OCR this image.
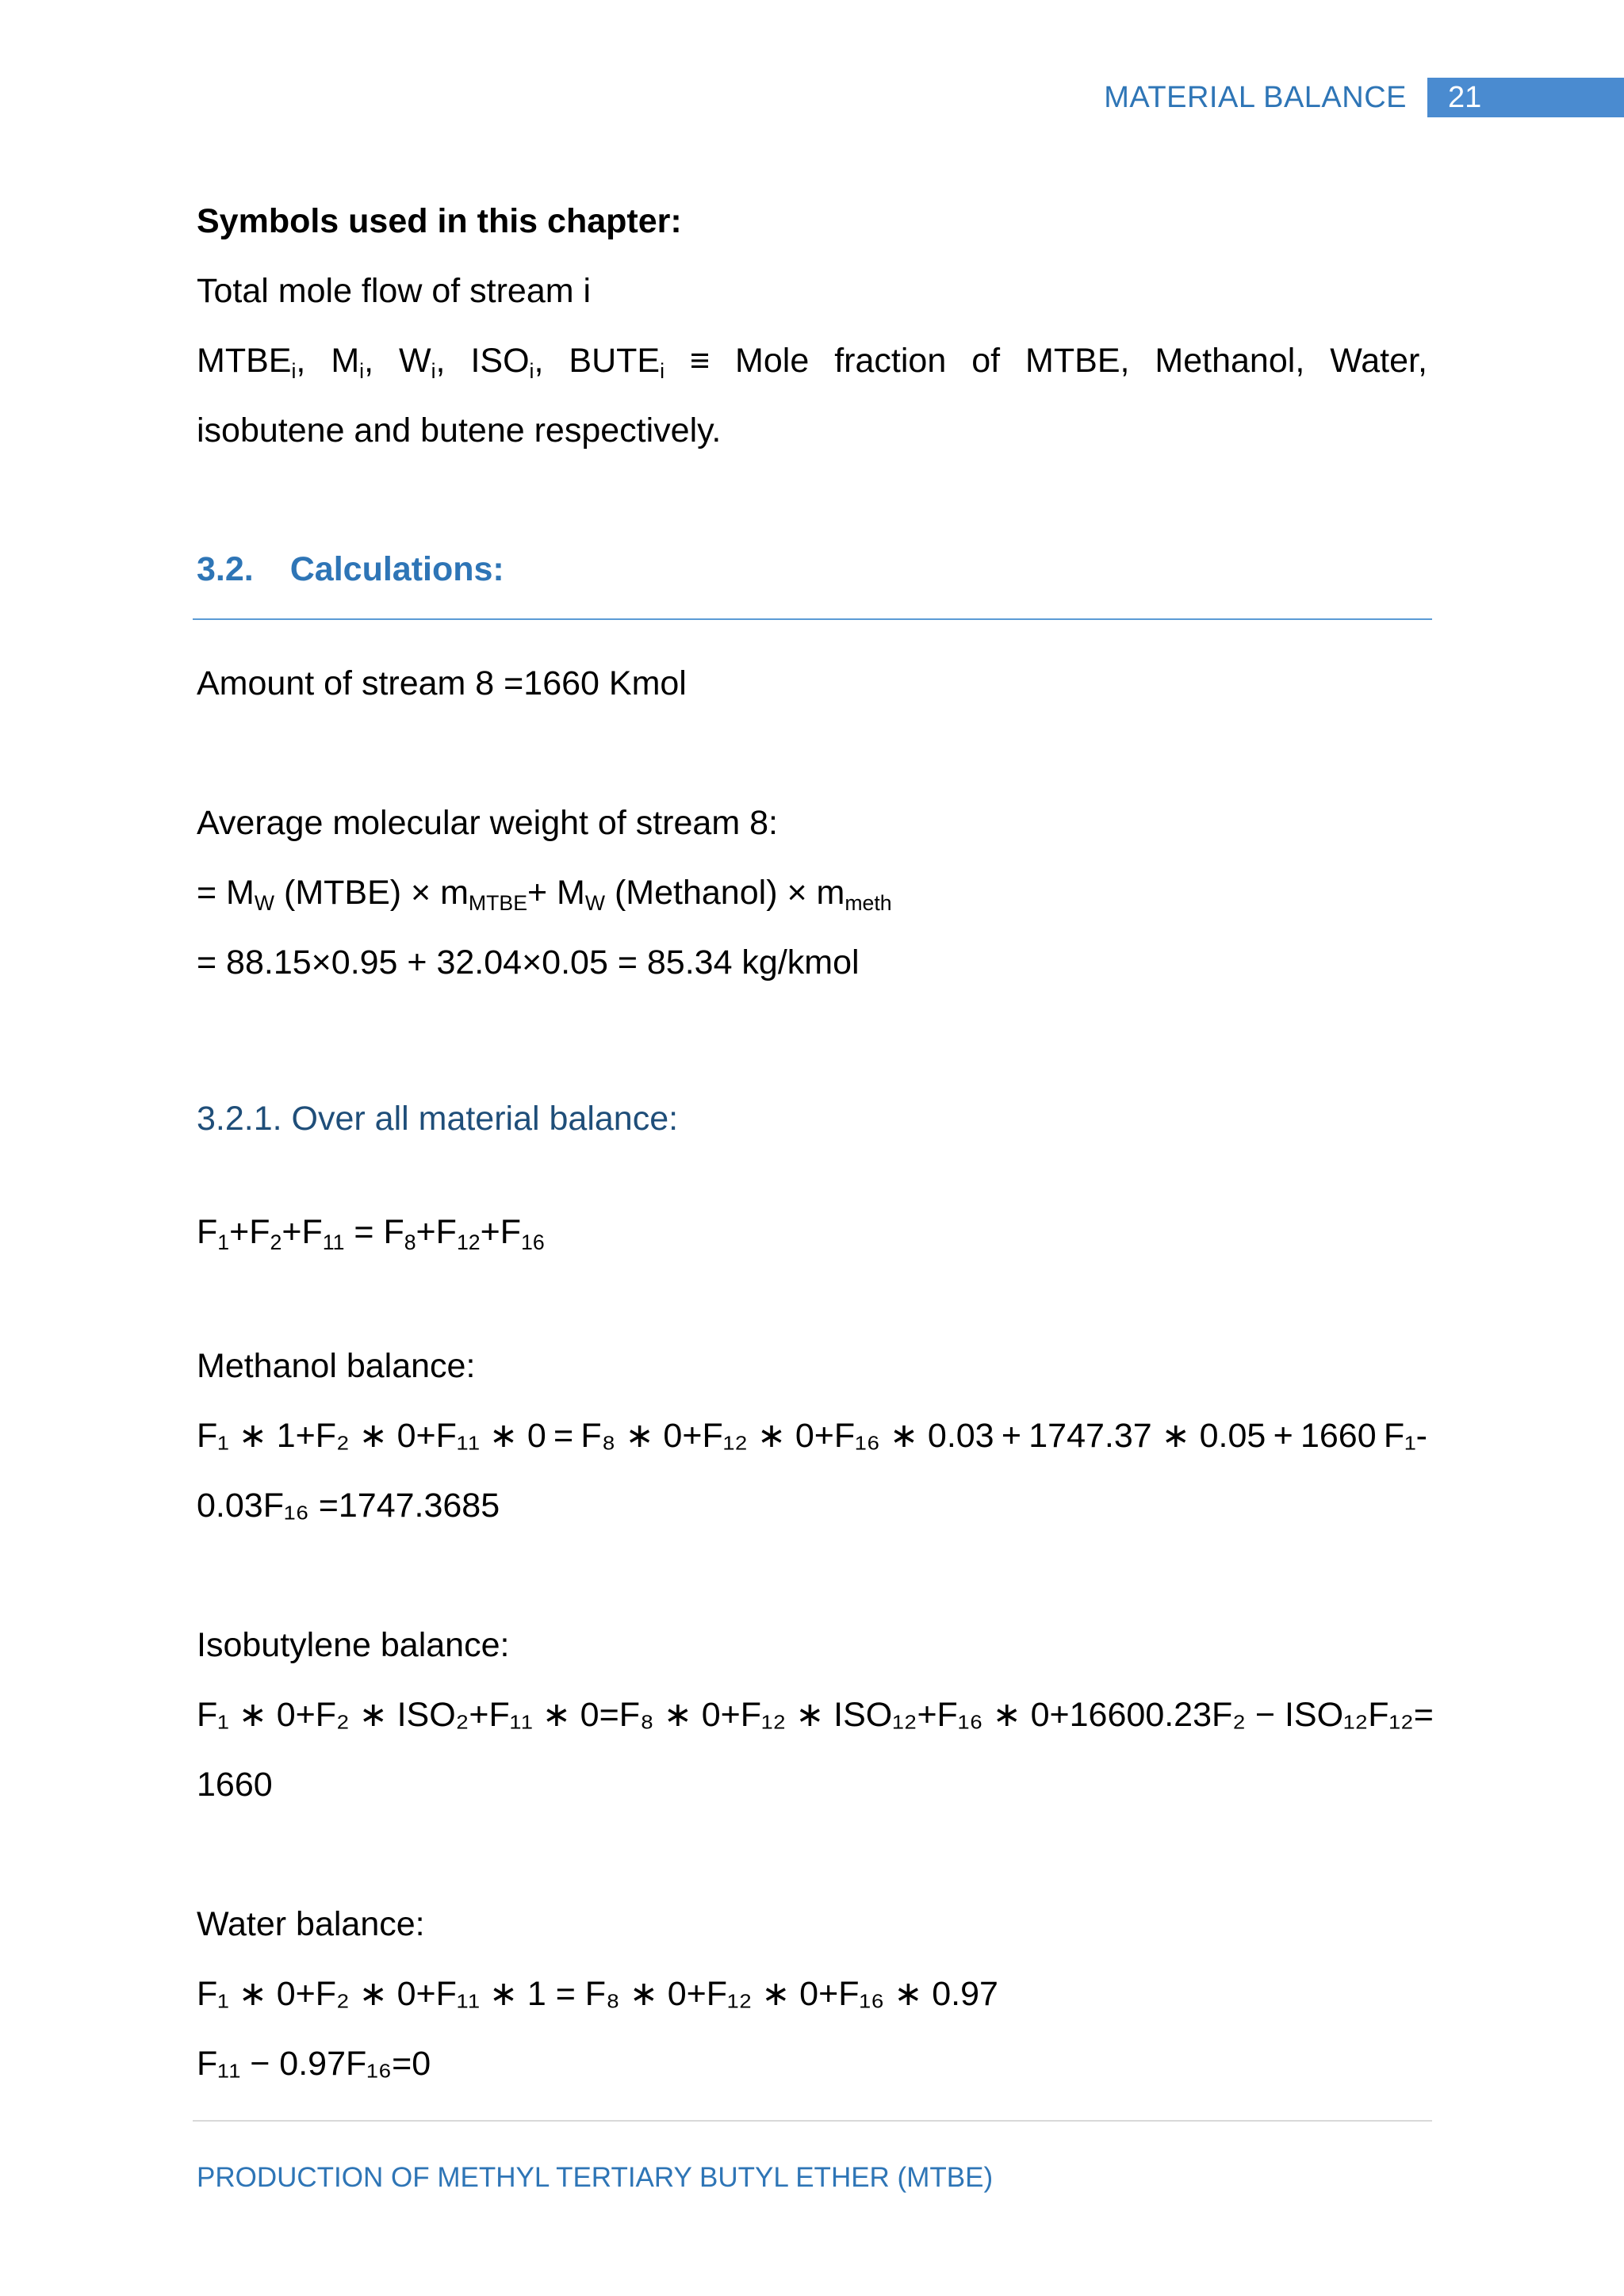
MATERIAL BALANCE	21
Symbols used in this chapter:
Total mole flow of stream i
$MTBE_i$, $M_i$, $W_i$, $ISO_i$, $BUTE_i$ ≡ Mole fraction of MTBE, Methanol, Water,
isobutene and butene respectively.
3.2. Calculations:
Amount of stream 8 =1660 Kmol
Average molecular weight of stream 8:
= $M_W$ (MTBE) × $m_{MTBE}+ M_W$ (Methanol) × $m_{meth}$
= 88.15×0.95 + 32.04×0.05 = 85.34 kg/kmol
3.2.1. Over all material balance:
$F_1+F_2+F_{11} = F_8+F_{12}+F_{16}$
Methanol balance:
F₁ ∗ 1+F₂ ∗ 0+F₁₁ ∗ 0 = F₈ ∗ 0+F₁₂ ∗ 0+F₁₆ ∗ 0.03 + 1747.37 ∗ 0.05 + 1660 F₁-
0.03F₁₆ =1747.3685
Isobutylene balance:
F₁ ∗ 0+F₂ ∗ ISO₂+F₁₁ ∗ 0 = F₈ ∗ 0+F₁₂ ∗ ISO₁₂+F₁₆ ∗ 0 + 1660 0.23F₂ − ISO₁₂F₁₂ =
1660
Water balance:
F₁ ∗ 0+F₂ ∗ 0+F₁₁ ∗ 1 = F₈ ∗ 0+F₁₂ ∗ 0+F₁₆ ∗ 0.97
F₁₁ − 0.97F₁₆=0
PRODUCTION OF METHYL TERTIARY BUTYL ETHER (MTBE)
